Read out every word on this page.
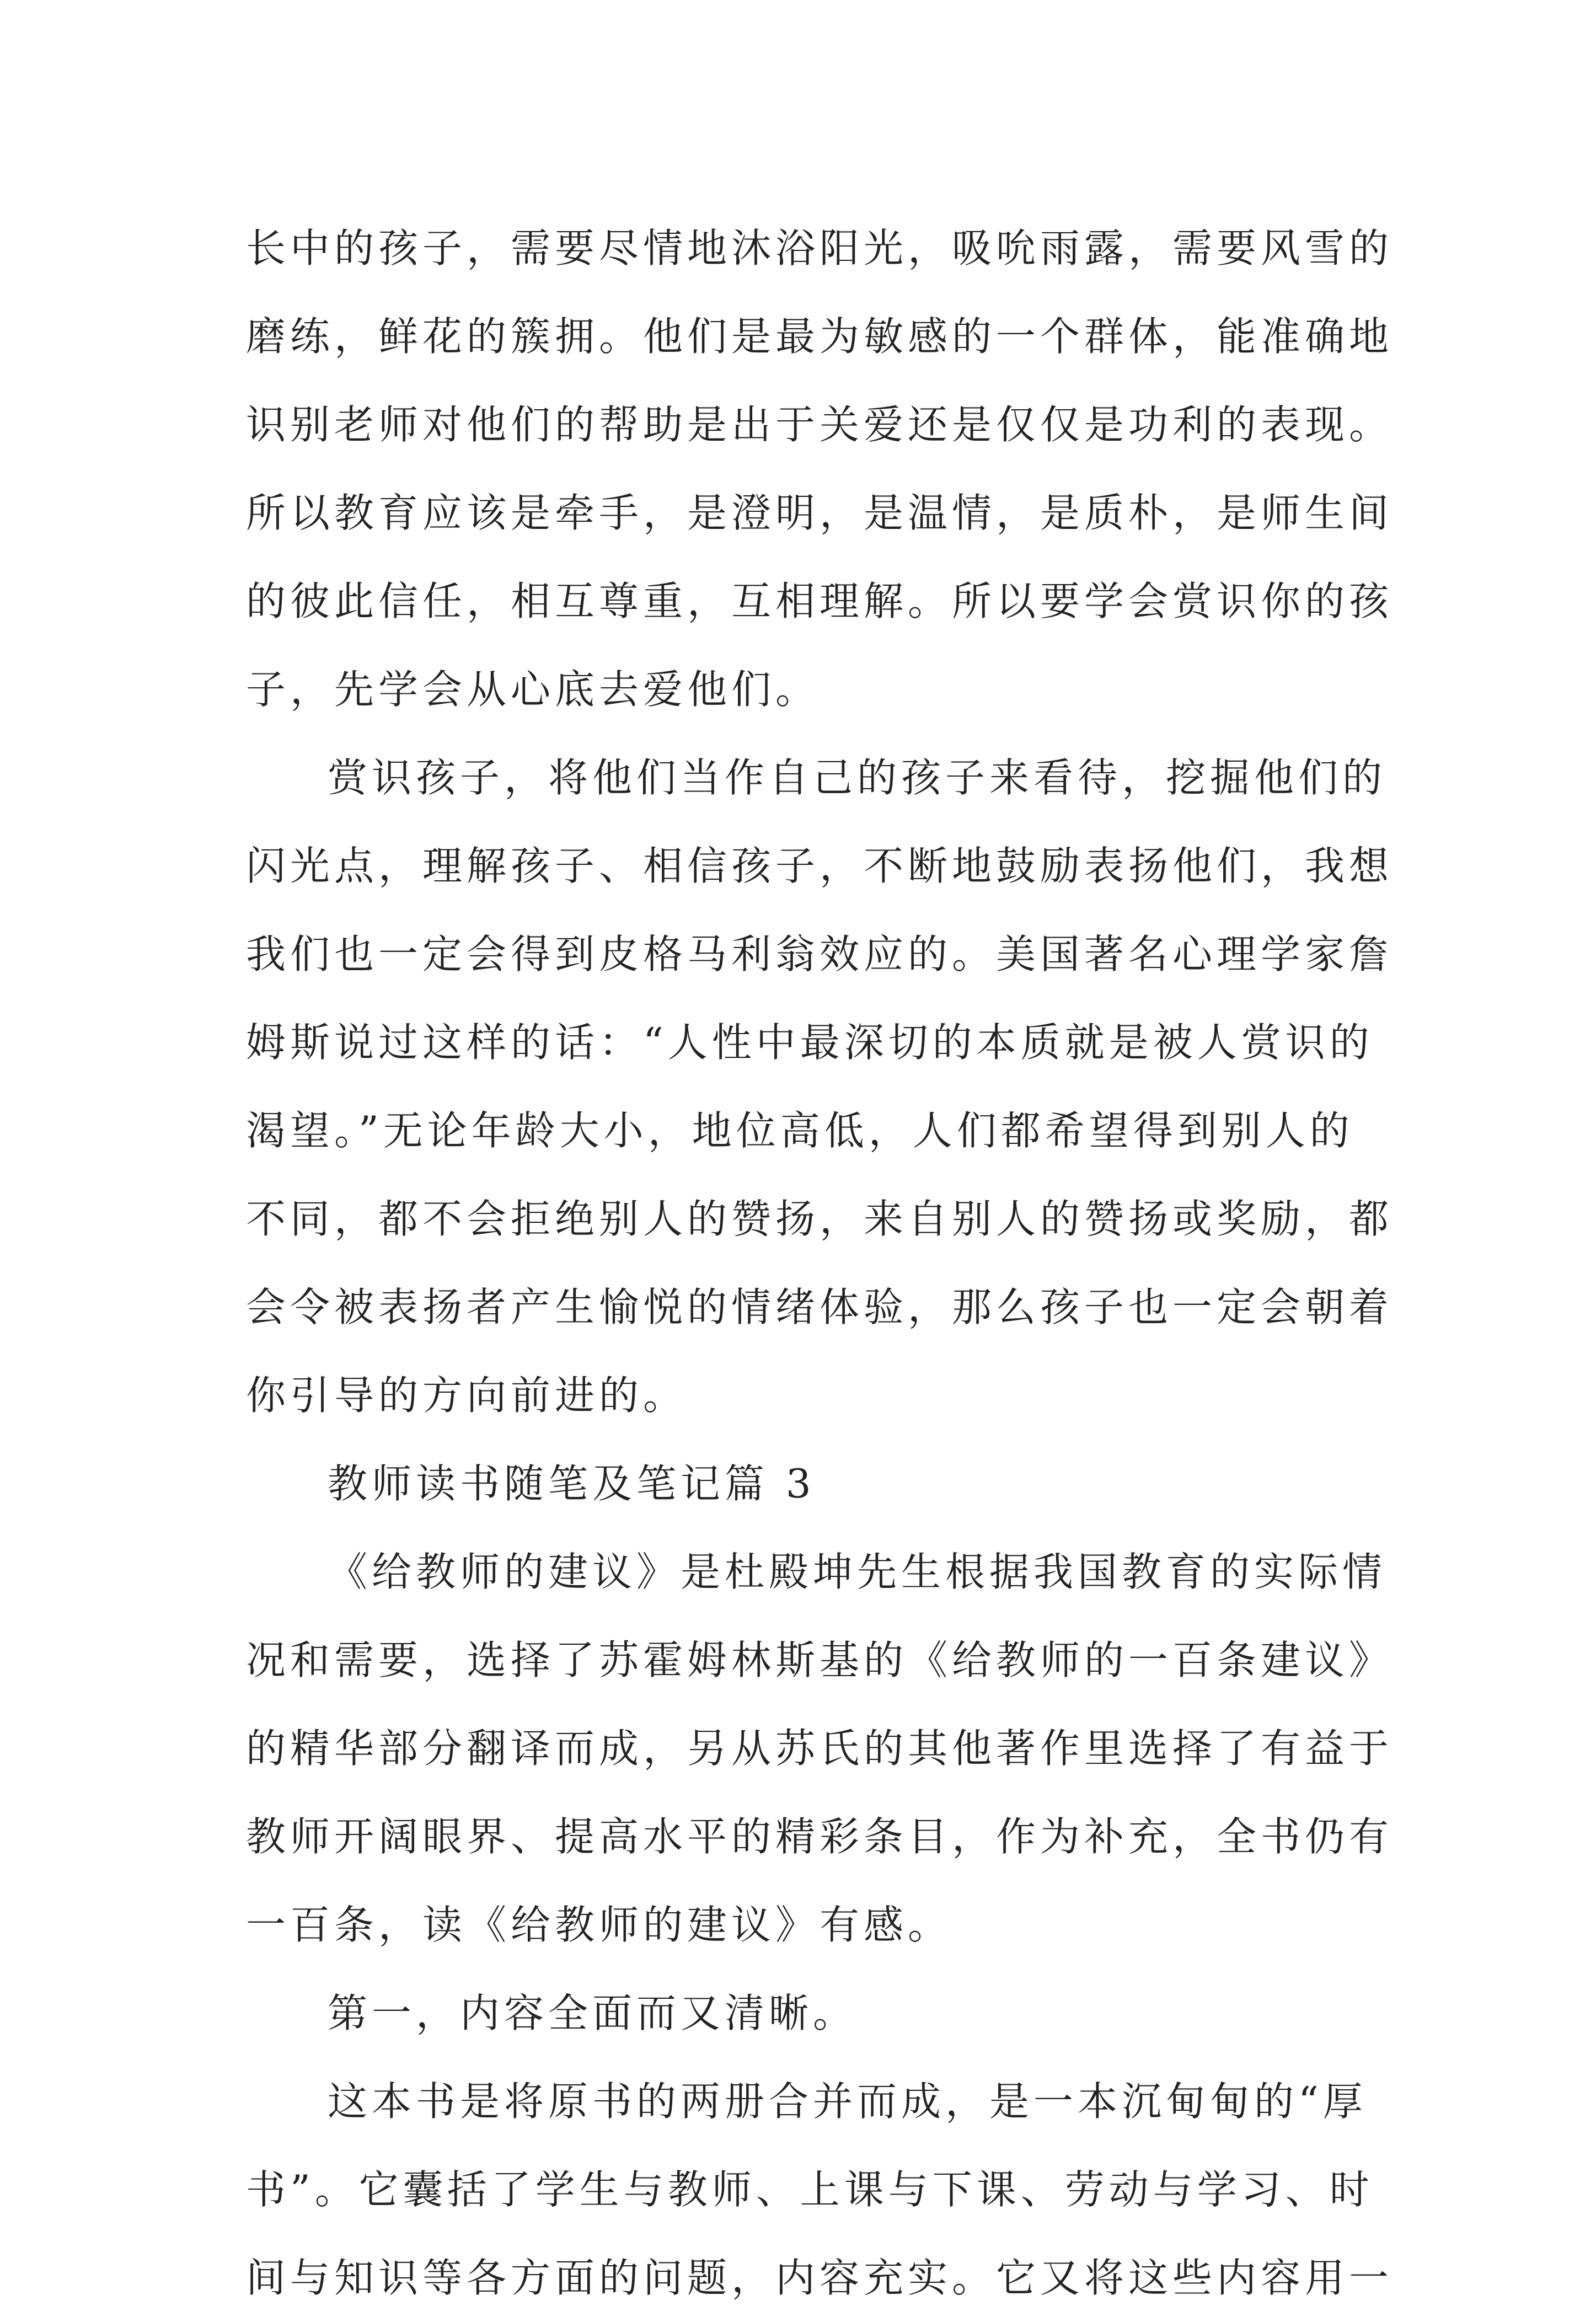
长中的孩子，需要尽情地沐浴阳光，吸吮雨露，需要风雪的
磨练，鲜花的簇拥。他们是最为敏感的一个群体，能准确地
识别老师对他们的帮助是出于关爱还是仅仅是功利的表现。
所以教育应该是牵手，是澄明，是温情，是质朴，是师生间
的彼此信任，相互尊重，互相理解。所以要学会赏识你的孩
子，先学会从心底去爱他们。
赏识孩子，将他们当作自己的孩子来看待，挖掘他们的
闪光点，理解孩子、相信孩子，不断地鼓励表扬他们，我想
我们也一定会得到皮格马利翁效应的。美国著名心理学家詹
姆斯说过这样的话：“人性中最深切的本质就是被人赏识的
渴望。”无论年龄大小，地位高低，人们都希望得到别人的
不同，都不会拒绝别人的赞扬，来自别人的赞扬或奖励，都
会令被表扬者产生愉悦的情绪体验，那么孩子也一定会朝着
你引导的方向前进的。
教师读书随笔及笔记篇 3
《给教师的建议》是杜殿坤先生根据我国教育的实际情
况和需要，选择了苏霍姆林斯基的《给教师的一百条建议》
的精华部分翻译而成，另从苏氏的其他著作里选择了有益于
教师开阔眼界、提高水平的精彩条目，作为补充，全书仍有
一百条，读《给教师的建议》有感。
第一，内容全面而又清晰。
这本书是将原书的两册合并而成，是一本沉甸甸的“厚
书”。它囊括了学生与教师、上课与下课、劳动与学习、时
间与知识等各方面的问题，内容充实。它又将这些内容用一
